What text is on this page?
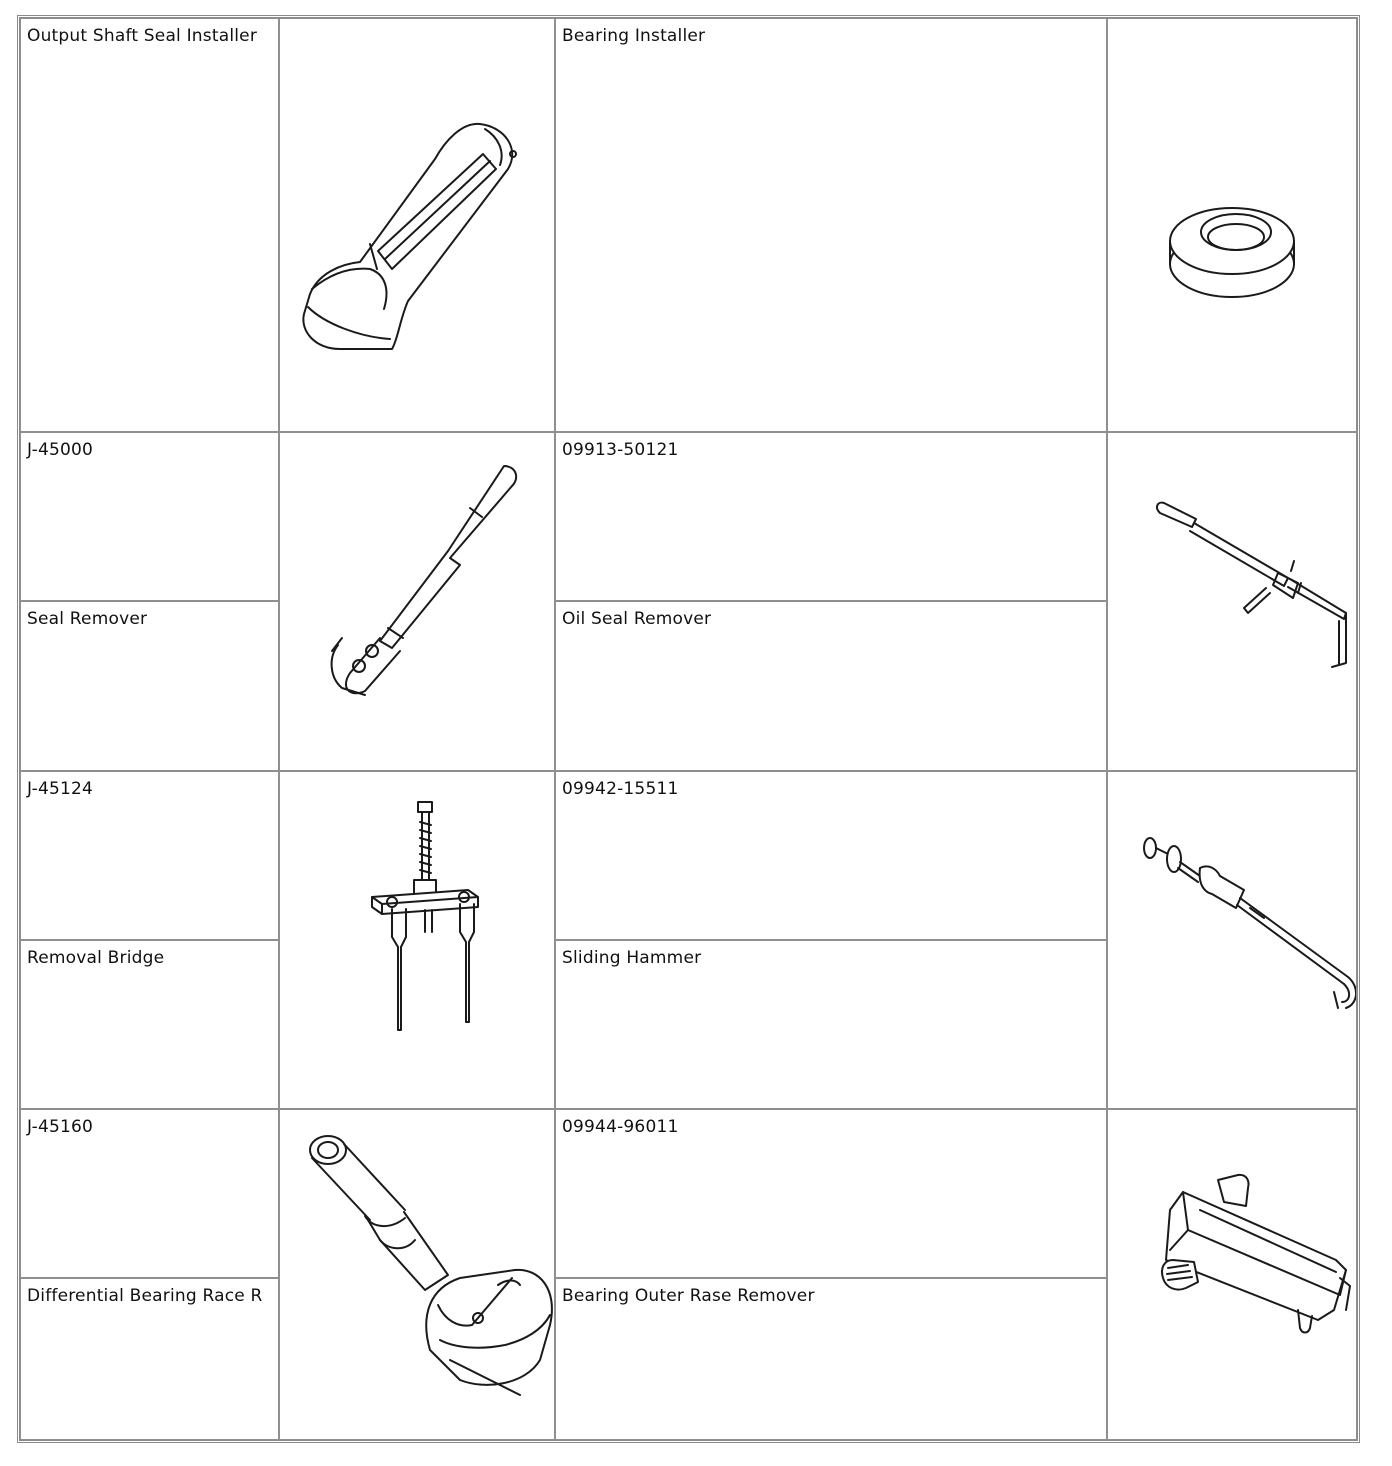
Output Shaft Seal Installer	Bearing Installer
J-45000
Seal Remover
09913-50121
Oil Seal Remover
J-45124
Removal Bridge
09942-15511
Sliding Hammer
J-45160
Differential Bearing Race R
09944-96011
Bearing Outer Rase Remover
